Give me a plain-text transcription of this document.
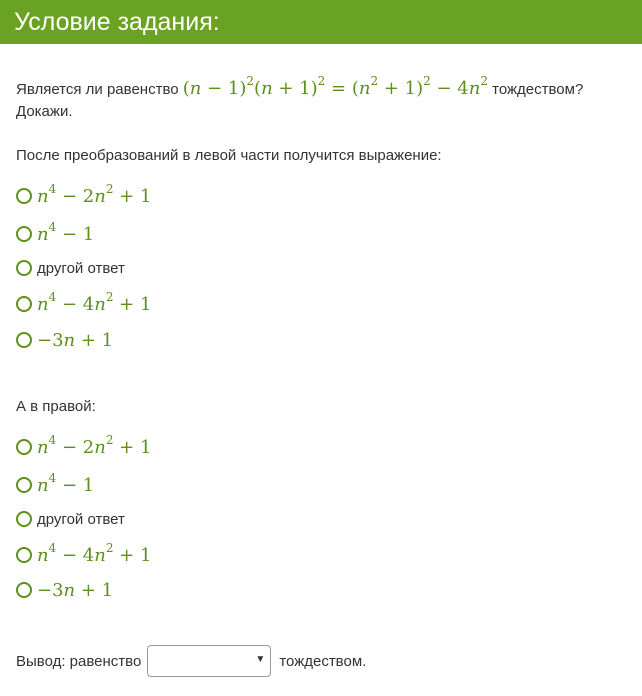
Условие задания:
Является ли равенство $(n - 1)^2(n + 1)^2 = (n^2 + 1)^2 - 4n^2$ тождеством?
Докажи.
После преобразований в левой части получится выражение:
$n^4 - 2n^2 + 1$
$n^4 - 1$
другой ответ
$n^4 - 4n^2 + 1$
−3n + 1
А в правой:
$n^4 - 2n^2 + 1$
$n^4 - 1$
другой ответ
$n^4 - 4n^2 + 1$
−3n + 1
Вывод: равенство	▼ тождеством.
